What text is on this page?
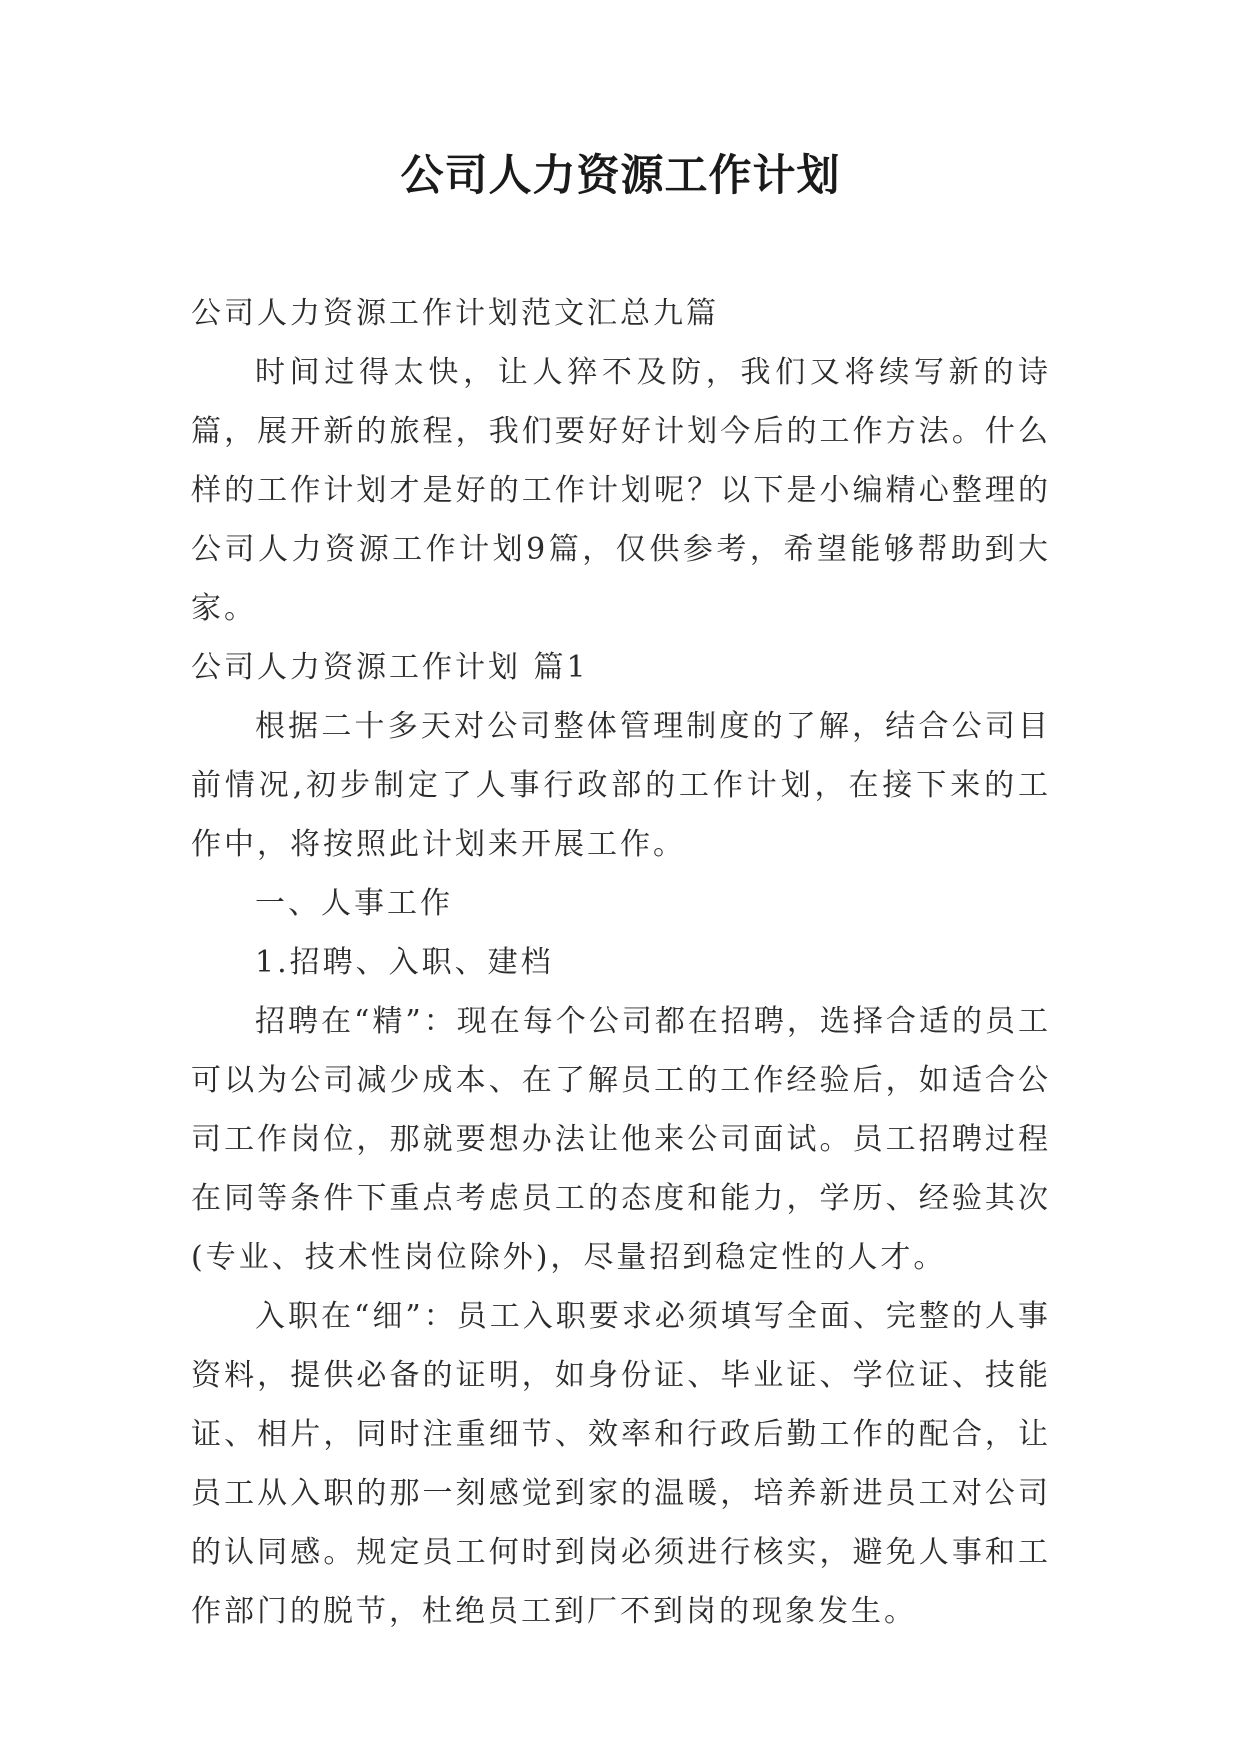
公司人力资源工作计划

公司人力资源工作计划范文汇总九篇

时间过得太快，让人猝不及防，我们又将续写新的诗篇，展开新的旅程，我们要好好计划今后的工作方法。什么样的工作计划才是好的工作计划呢？以下是小编精心整理的公司人力资源工作计划9篇，仅供参考，希望能够帮助到大家。

公司人力资源工作计划 篇1

根据二十多天对公司整体管理制度的了解，结合公司目前情况,初步制定了人事行政部的工作计划，在接下来的工作中，将按照此计划来开展工作。

一、人事工作

1.招聘、入职、建档

招聘在“精”：现在每个公司都在招聘，选择合适的员工可以为公司减少成本、在了解员工的工作经验后，如适合公司工作岗位，那就要想办法让他来公司面试。员工招聘过程在同等条件下重点考虑员工的态度和能力，学历、经验其次(专业、技术性岗位除外)，尽量招到稳定性的人才。

入职在“细”：员工入职要求必须填写全面、完整的人事资料，提供必备的证明，如身份证、毕业证、学位证、技能证、相片，同时注重细节、效率和行政后勤工作的配合，让员工从入职的那一刻感觉到家的温暖，培养新进员工对公司的认同感。规定员工何时到岗必须进行核实，避免人事和工作部门的脱节，杜绝员工到厂不到岗的现象发生。
